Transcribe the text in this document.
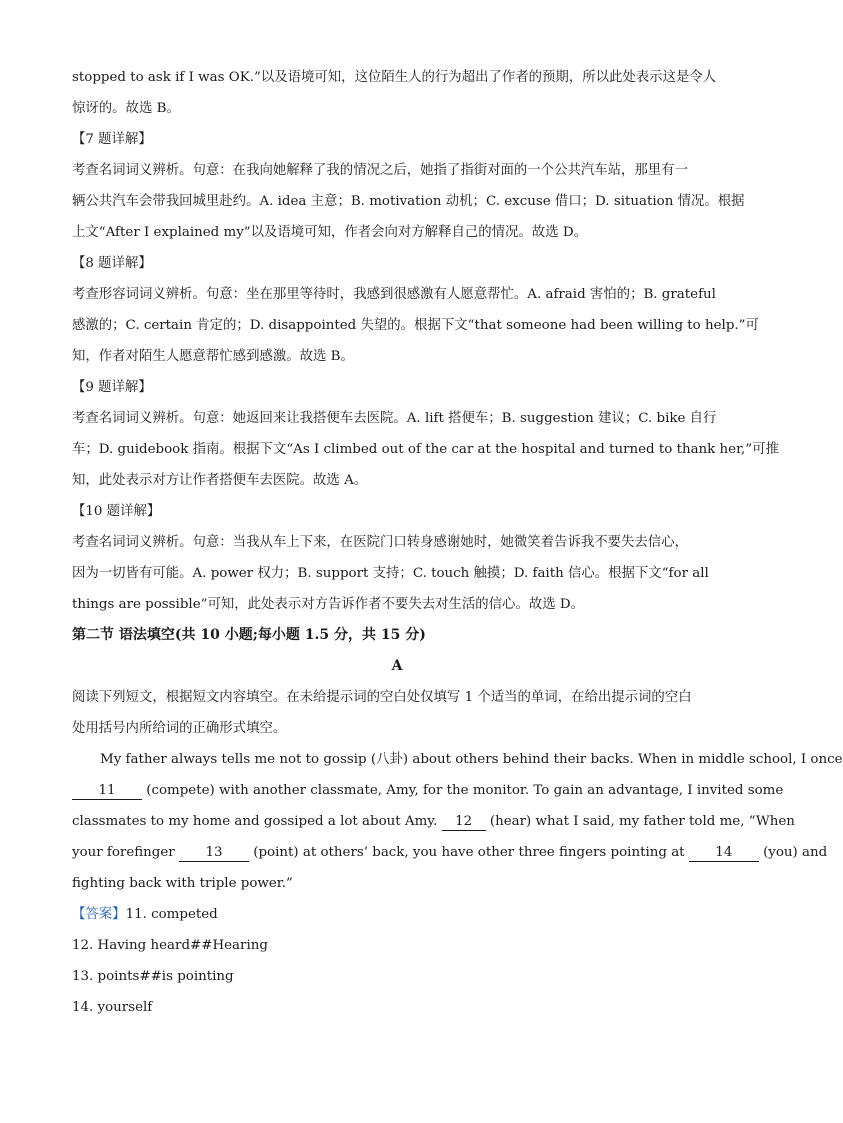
stopped to ask if I was OK.”以及语境可知，这位陌生人的行为超出了作者的预期，所以此处表示这是令人
惊讶的。故选 B。
【7 题详解】
考查名词词义辨析。句意：在我向她解释了我的情况之后，她指了指街对面的一个公共汽车站，那里有一
辆公共汽车会带我回城里赴约。A. idea 主意；B. motivation 动机；C. excuse 借口；D. situation 情况。根据
上文“After I explained my”以及语境可知，作者会向对方解释自己的情况。故选 D。
【8 题详解】
考查形容词词义辨析。句意：坐在那里等待时，我感到很感激有人愿意帮忙。A. afraid 害怕的；B. grateful
感激的；C. certain 肯定的；D. disappointed 失望的。根据下文“that someone had been willing to help.”可
知，作者对陌生人愿意帮忙感到感激。故选 B。
【9 题详解】
考查名词词义辨析。句意：她返回来让我搭便车去医院。A. lift 搭便车；B. suggestion 建议；C. bike 自行
车；D. guidebook 指南。根据下文“As I climbed out of the car at the hospital and turned to thank her,”可推
知，此处表示对方让作者搭便车去医院。故选 A。
【10 题详解】
考查名词词义辨析。句意：当我从车上下来，在医院门口转身感谢她时，她微笑着告诉我不要失去信心，
因为一切皆有可能。A. power 权力；B. support 支持；C. touch 触摸；D. faith 信心。根据下文“for all
things are possible”可知，此处表示对方告诉作者不要失去对生活的信心。故选 D。
第二节 语法填空(共 10 小题;每小题 1.5 分，共 15 分)
A
阅读下列短文，根据短文内容填空。在未给提示词的空白处仅填写 1 个适当的单词，在给出提示词的空白
处用括号内所给词的正确形式填空。
My father always tells me not to gossip (八卦) about others behind their backs. When in middle school, I once
11 (compete) with another classmate, Amy, for the monitor. To gain an advantage, I invited some
classmates to my home and gossiped a lot about Amy. 12 (hear) what I said, my father told me, “When
your forefinger 13 (point) at others’ back, you have other three fingers pointing at 14 (you) and
fighting back with triple power.”
【答案】11. competed
12. Having heard##Hearing
13. points##is pointing
14. yourself
